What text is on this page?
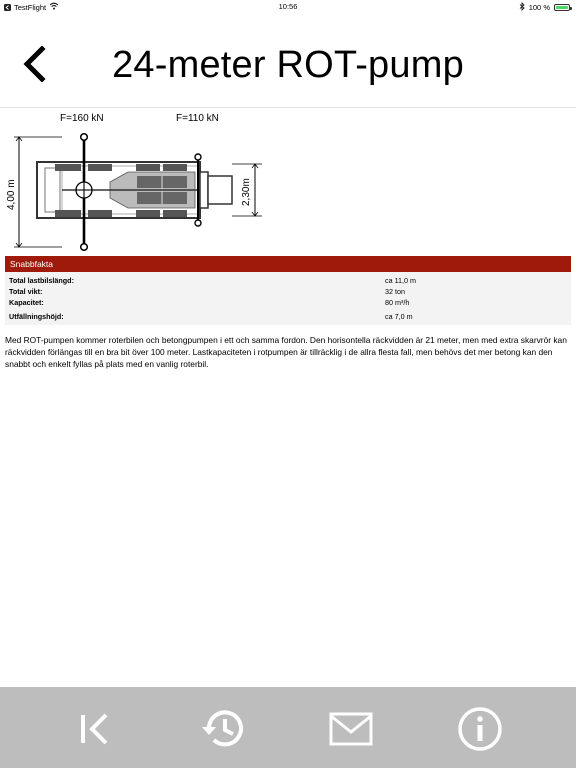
TestFlight	10:56	100 %
24-meter ROT-pump
F=160 kN	F=110 kN
4,00 m	2,30m
Snabbfakta
Total lastbilslängd:	ca 11,0 m
Total vikt:	32 ton
Kapacitet:	80 m³/h
Utfällningshöjd:	ca 7,0 m

Med ROT-pumpen kommer roterbilen och betongpumpen i ett och samma fordon. Den horisontella räckvidden är 21 meter, men med extra skarvrör kan räckvidden förlängas till en bra bit över 100 meter. Lastkapaciteten i rotpumpen är tillräcklig i de allra flesta fall, men behövs det mer betong kan den snabbt och enkelt fyllas på plats med en vanlig roterbil.
